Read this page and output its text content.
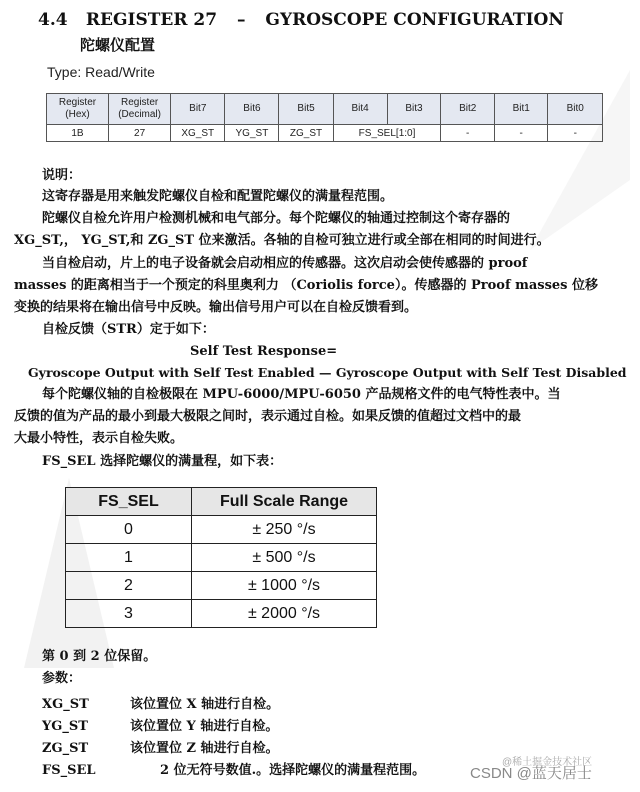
4.4 REGISTER 27 – GYROSCOPE CONFIGURATION
陀螺仪配置
Type: Read/Write
Register (Hex)	Register (Decimal)	Bit7	Bit6	Bit5	Bit4	Bit3	Bit2	Bit1	Bit0
1B	27	XG_ST	YG_ST	ZG_ST	FS_SEL[1:0]		-	-	-
说明：
这寄存器是用来触发陀螺仪自检和配置陀螺仪的满量程范围。
陀螺仪自检允许用户检测机械和电气部分。每个陀螺仪的轴通过控制这个寄存器的
XG_ST,， YG_ST,和 ZG_ST 位来激活。各轴的自检可独立进行或全部在相同的时间进行。
当自检启动，片上的电子设备就会启动相应的传感器。这次启动会使传感器的 proof
masses 的距离相当于一个预定的科里奥利力 （Coriolis force）。传感器的 Proof masses 位移
变换的结果将在输出信号中反映。输出信号用户可以在自检反馈看到。
自检反馈（STR）定于如下：
Self Test Response=
Gyroscope Output with Self Test Enabled — Gyroscope Output with Self Test Disabled
每个陀螺仪轴的自检极限在 MPU-6000/MPU-6050 产品规格文件的电气特性表中。当
反馈的值为产品的最小到最大极限之间时，表示通过自检。如果反馈的值超过文档中的最
大最小特性，表示自检失败。
FS_SEL 选择陀螺仪的满量程，如下表：
FS_SEL	Full Scale Range
0	± 250 °/s
1	± 500 °/s
2	± 1000 °/s
3	± 2000 °/s
第 0 到 2 位保留。
参数：
XG_ST	该位置位 X 轴进行自检。
YG_ST	该位置位 Y 轴进行自检。
ZG_ST	该位置位 Z 轴进行自检。
FS_SEL	2 位无符号数值.。选择陀螺仪的满量程范围。
@稀土掘金技术社区
CSDN @蓝天居士
